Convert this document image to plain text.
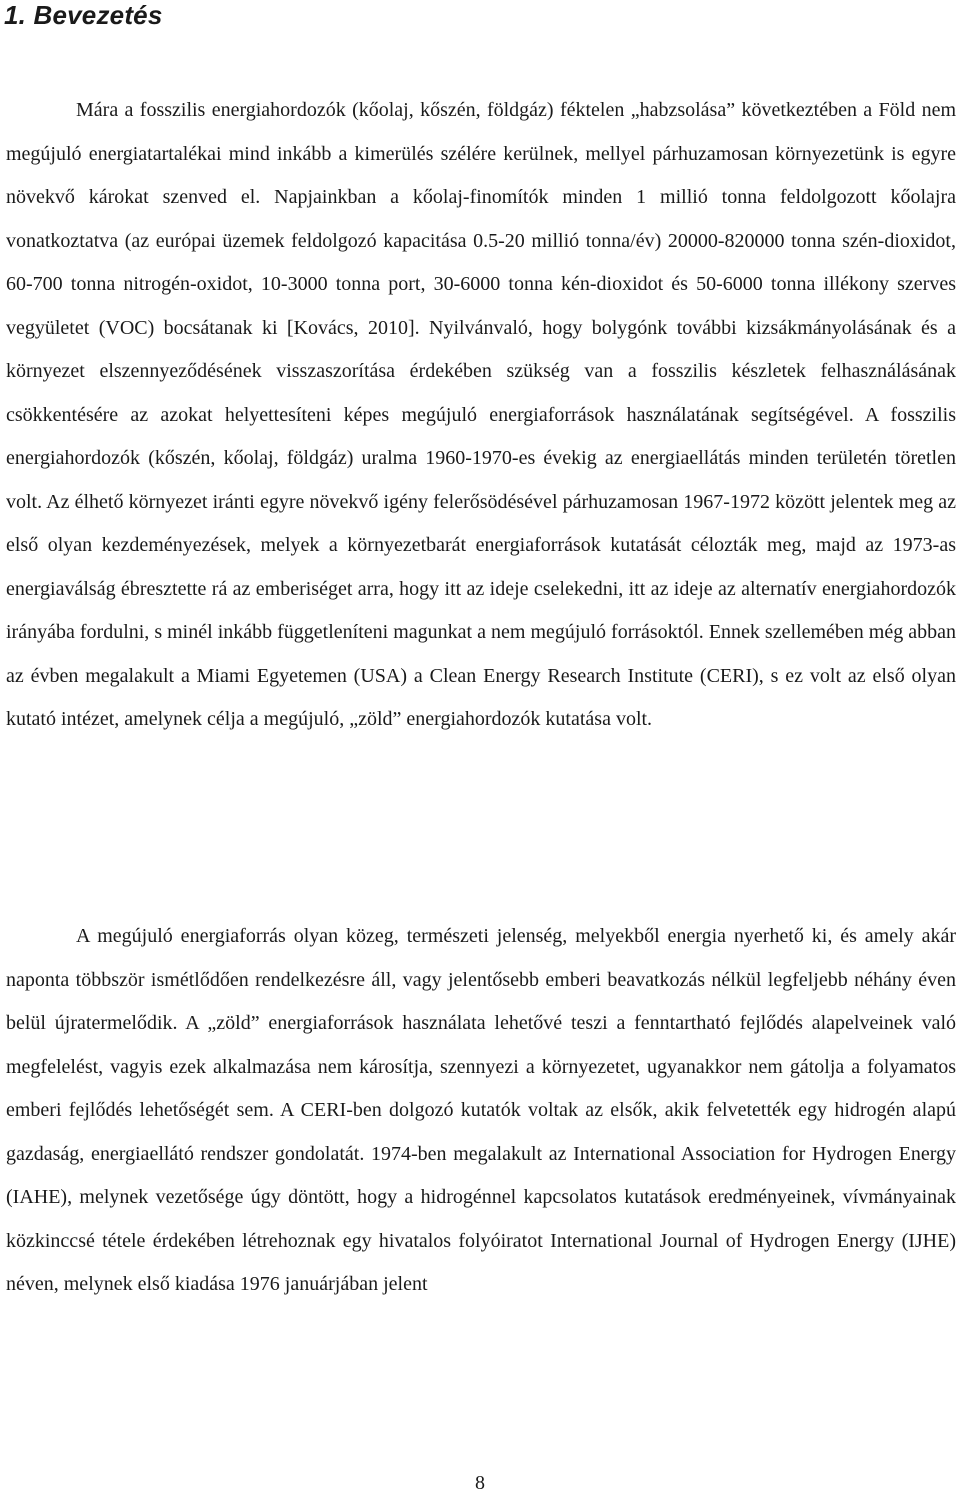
1. Bevezetés

Mára a fosszilis energiahordozók (kőolaj, kőszén, földgáz) féktelen „habzsolása” következtében a Föld nem megújuló energiatartalékai mind inkább a kimerülés szélére kerülnek, mellyel párhuzamosan környezetünk is egyre növekvő károkat szenved el. Napjainkban a kőolaj-finomítók minden 1 millió tonna feldolgozott kőolajra vonatkoztatva (az európai üzemek feldolgozó kapacitása 0.5-20 millió tonna/év) 20000-820000 tonna szén-dioxidot, 60-700 tonna nitrogén-oxidot, 10-3000 tonna port, 30-6000 tonna kén-dioxidot és 50-6000 tonna illékony szerves vegyületet (VOC) bocsátanak ki [Kovács, 2010]. Nyilvánvaló, hogy bolygónk további kizsákmányolásának és a környezet elszennyeződésének visszaszorítása érdekében szükség van a fosszilis készletek felhasználásának csökkentésére az azokat helyettesíteni képes megújuló energiaforrások használatának segítségével. A fosszilis energiahordozók (kőszén, kőolaj, földgáz) uralma 1960-1970-es évekig az energiaellátás minden területén töretlen volt. Az élhető környezet iránti egyre növekvő igény felerősödésével párhuzamosan 1967-1972 között jelentek meg az első olyan kezdeményezések, melyek a környezetbarát energiaforrások kutatását célozták meg, majd az 1973-as energiaválság ébresztette rá az emberiséget arra, hogy itt az ideje cselekedni, itt az ideje az alternatív energiahordozók irányába fordulni, s minél inkább függetleníteni magunkat a nem megújuló forrásoktól. Ennek szellemében még abban az évben megalakult a Miami Egyetemen (USA) a Clean Energy Research Institute (CERI), s ez volt az első olyan kutató intézet, amelynek célja a megújuló, „zöld” energiahordozók kutatása volt.

A megújuló energiaforrás olyan közeg, természeti jelenség, melyekből energia nyerhető ki, és amely akár naponta többször ismétlődően rendelkezésre áll, vagy jelentősebb emberi beavatkozás nélkül legfeljebb néhány éven belül újratermelődik. A „zöld” energiaforrások használata lehetővé teszi a fenntartható fejlődés alapelveinek való megfelelést, vagyis ezek alkalmazása nem károsítja, szennyezi a környezetet, ugyanakkor nem gátolja a folyamatos emberi fejlődés lehetőségét sem. A CERI-ben dolgozó kutatók voltak az elsők, akik felvetették egy hidrogén alapú gazdaság, energiaellátó rendszer gondolatát. 1974-ben megalakult az International Association for Hydrogen Energy (IAHE), melynek vezetősége úgy döntött, hogy a hidrogénnel kapcsolatos kutatások eredményeinek, vívmányainak közkinccsé tétele érdekében létrehoznak egy hivatalos folyóiratot International Journal of Hydrogen Energy (IJHE) néven, melynek első kiadása 1976 januárjában jelent

8
